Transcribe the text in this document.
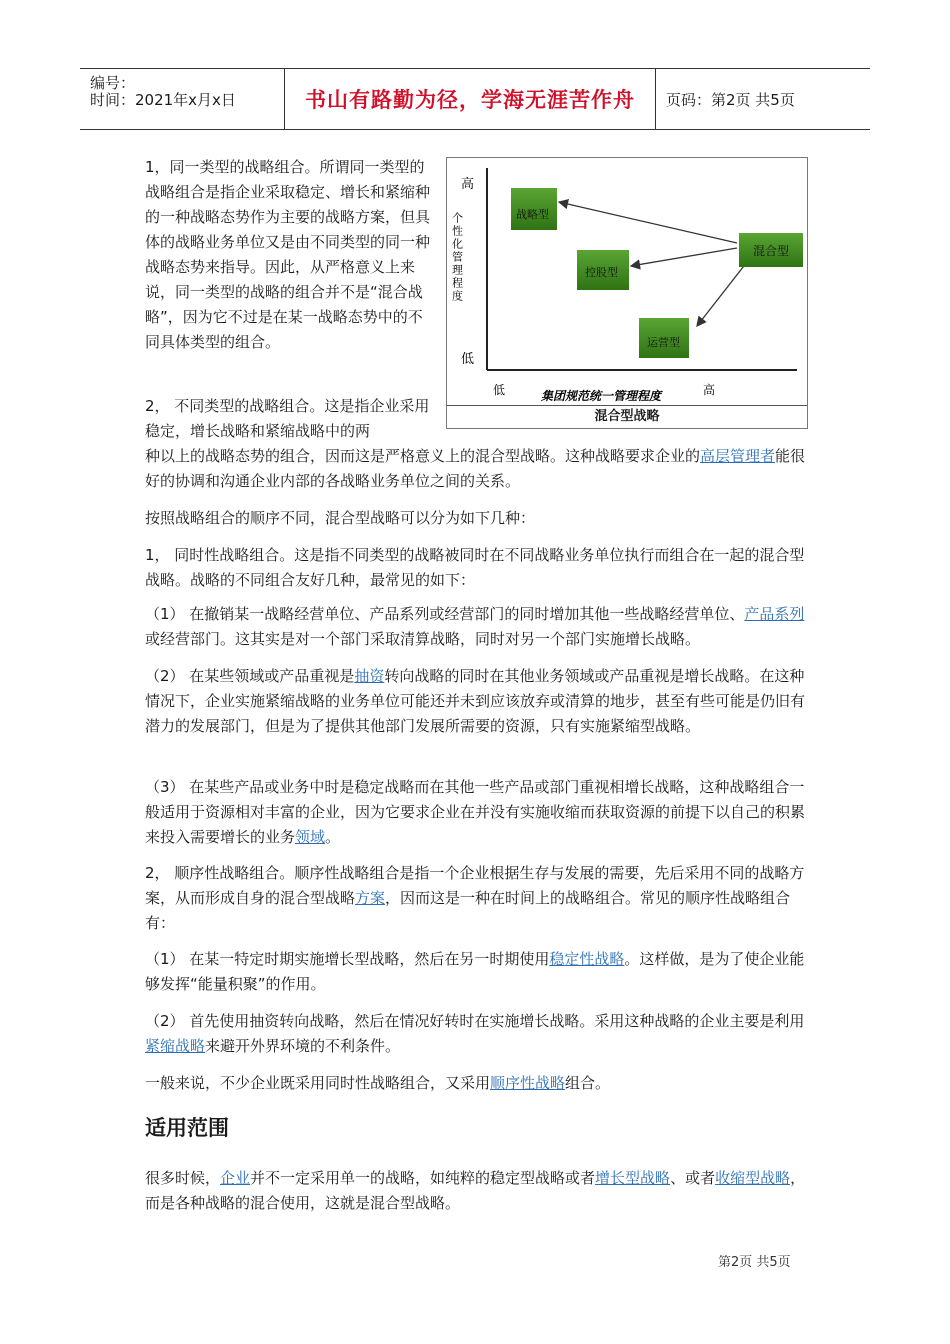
编号：
时间：2021年x月x日	书山有路勤为径，学海无涯苦作舟	页码：第2页 共5页
高
低
个性化管理程度
低	高
集团规范统一管理程度
战略型
控股型
运营型
混合型
混合型战略
1，同一类型的战略组合。所谓同一类型的战略组合是指企业采取稳定、增长和紧缩种的一种战略态势作为主要的战略方案，但具体的战略业务单位又是由不同类型的同一种战略态势来指导。因此，从严格意义上来说，同一类型的战略的组合并不是“混合战略”，因为它不过是在某一战略态势中的不同具体类型的组合。
2， 不同类型的战略组合。这是指企业采用稳定，增长战略和紧缩战略中的两
种以上的战略态势的组合，因而这是严格意义上的混合型战略。这种战略要求企业的高层管理者能很好的协调和沟通企业内部的各战略业务单位之间的关系。
按照战略组合的顺序不同，混合型战略可以分为如下几种：
1， 同时性战略组合。这是指不同类型的战略被同时在不同战略业务单位执行而组合在一起的混合型战略。战略的不同组合友好几种，最常见的如下：
（1） 在撤销某一战略经营单位、产品系列或经营部门的同时增加其他一些战略经营单位、产品系列或经营部门。这其实是对一个部门采取清算战略，同时对另一个部门实施增长战略。
（2） 在某些领域或产品重视是抽资转向战略的同时在其他业务领域或产品重视是增长战略。在这种情况下，企业实施紧缩战略的业务单位可能还并未到应该放弃或清算的地步，甚至有些可能是仍旧有潜力的发展部门，但是为了提供其他部门发展所需要的资源，只有实施紧缩型战略。
（3） 在某些产品或业务中时是稳定战略而在其他一些产品或部门重视相增长战略，这种战略组合一般适用于资源相对丰富的企业，因为它要求企业在并没有实施收缩而获取资源的前提下以自己的积累来投入需要增长的业务领域。
2， 顺序性战略组合。顺序性战略组合是指一个企业根据生存与发展的需要，先后采用不同的战略方案，从而形成自身的混合型战略方案，因而这是一种在时间上的战略组合。常见的顺序性战略组合有：
（1） 在某一特定时期实施增长型战略，然后在另一时期使用稳定性战略。这样做，是为了使企业能够发挥“能量积聚”的作用。
（2） 首先使用抽资转向战略，然后在情况好转时在实施增长战略。采用这种战略的企业主要是利用紧缩战略来避开外界环境的不利条件。
一般来说，不少企业既采用同时性战略组合，又采用顺序性战略组合。
适用范围
很多时候，企业并不一定采用单一的战略，如纯粹的稳定型战略或者增长型战略、或者收缩型战略，而是各种战略的混合使用，这就是混合型战略。
第2页 共5页
